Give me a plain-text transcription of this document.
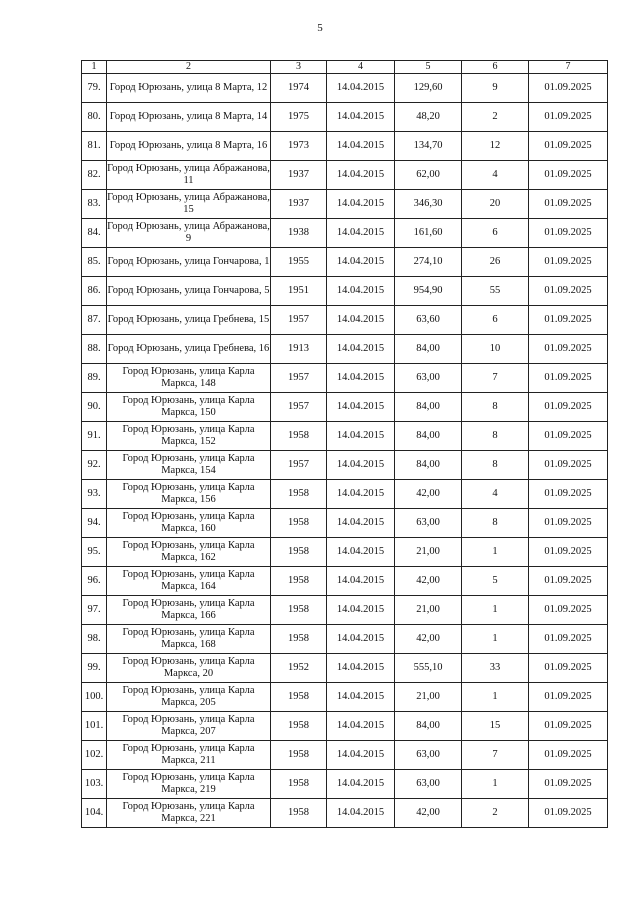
5
1	2	3	4	5	6	7
79.	Город Юрюзань, улица 8 Марта, 12	1974	14.04.2015	129,60	9	01.09.2025
80.	Город Юрюзань, улица 8 Марта, 14	1975	14.04.2015	48,20	2	01.09.2025
81.	Город Юрюзань, улица 8 Марта, 16	1973	14.04.2015	134,70	12	01.09.2025
82.	Город Юрюзань, улица Абражанова, 11	1937	14.04.2015	62,00	4	01.09.2025
83.	Город Юрюзань, улица Абражанова, 15	1937	14.04.2015	346,30	20	01.09.2025
84.	Город Юрюзань, улица Абражанова, 9	1938	14.04.2015	161,60	6	01.09.2025
85.	Город Юрюзань, улица Гончарова, 1	1955	14.04.2015	274,10	26	01.09.2025
86.	Город Юрюзань, улица Гончарова, 5	1951	14.04.2015	954,90	55	01.09.2025
87.	Город Юрюзань, улица Гребнева, 15	1957	14.04.2015	63,60	6	01.09.2025
88.	Город Юрюзань, улица Гребнева, 16	1913	14.04.2015	84,00	10	01.09.2025
89.	Город Юрюзань, улица Карла Маркса, 148	1957	14.04.2015	63,00	7	01.09.2025
90.	Город Юрюзань, улица Карла Маркса, 150	1957	14.04.2015	84,00	8	01.09.2025
91.	Город Юрюзань, улица Карла Маркса, 152	1958	14.04.2015	84,00	8	01.09.2025
92.	Город Юрюзань, улица Карла Маркса, 154	1957	14.04.2015	84,00	8	01.09.2025
93.	Город Юрюзань, улица Карла Маркса, 156	1958	14.04.2015	42,00	4	01.09.2025
94.	Город Юрюзань, улица Карла Маркса, 160	1958	14.04.2015	63,00	8	01.09.2025
95.	Город Юрюзань, улица Карла Маркса, 162	1958	14.04.2015	21,00	1	01.09.2025
96.	Город Юрюзань, улица Карла Маркса, 164	1958	14.04.2015	42,00	5	01.09.2025
97.	Город Юрюзань, улица Карла Маркса, 166	1958	14.04.2015	21,00	1	01.09.2025
98.	Город Юрюзань, улица Карла Маркса, 168	1958	14.04.2015	42,00	1	01.09.2025
99.	Город Юрюзань, улица Карла Маркса, 20	1952	14.04.2015	555,10	33	01.09.2025
100.	Город Юрюзань, улица Карла Маркса, 205	1958	14.04.2015	21,00	1	01.09.2025
101.	Город Юрюзань, улица Карла Маркса, 207	1958	14.04.2015	84,00	15	01.09.2025
102.	Город Юрюзань, улица Карла Маркса, 211	1958	14.04.2015	63,00	7	01.09.2025
103.	Город Юрюзань, улица Карла Маркса, 219	1958	14.04.2015	63,00	1	01.09.2025
104.	Город Юрюзань, улица Карла Маркса, 221	1958	14.04.2015	42,00	2	01.09.2025
